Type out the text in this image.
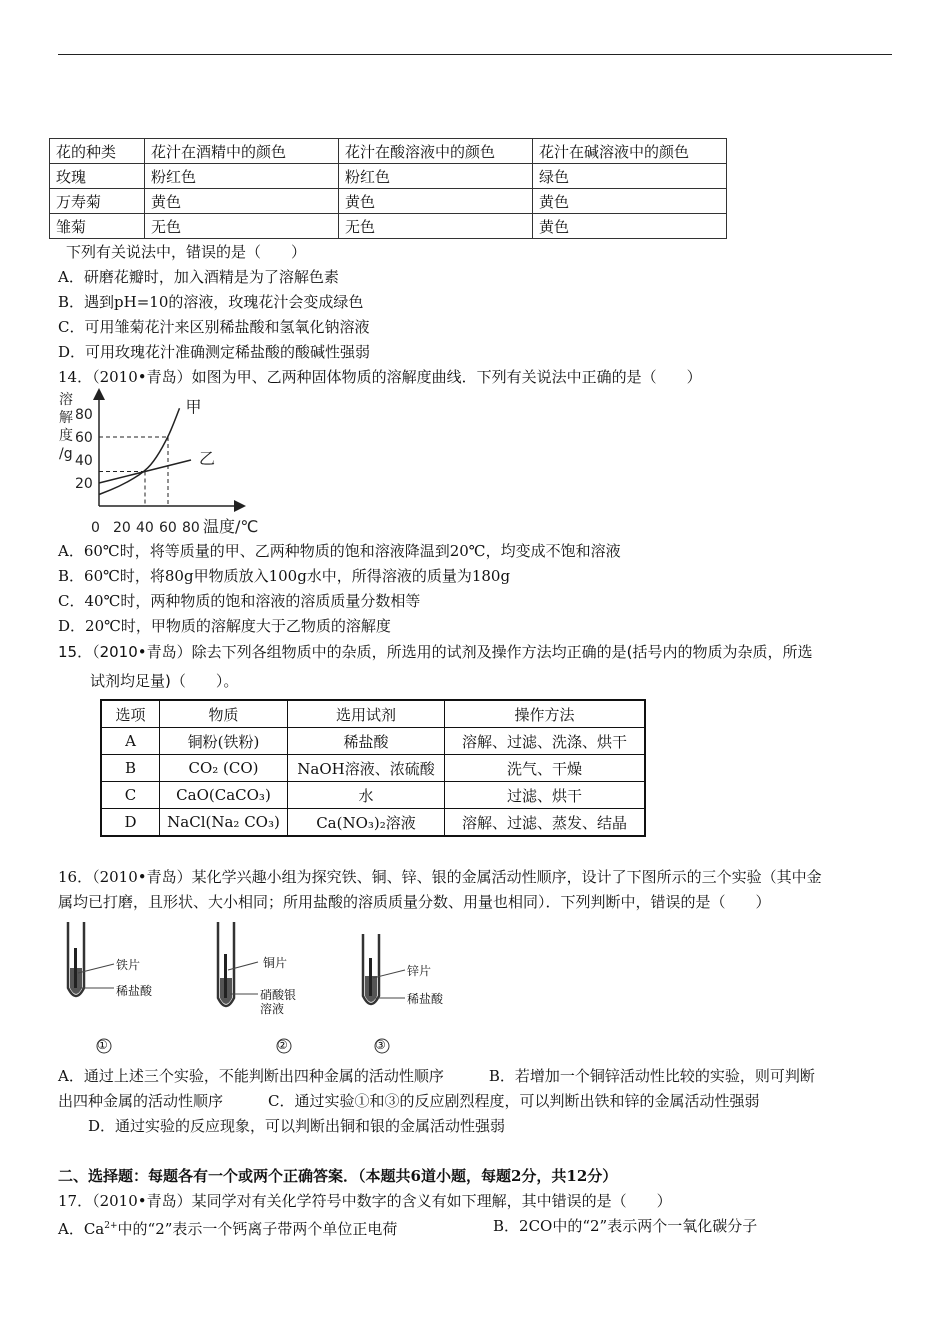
花的种类	花汁在酒精中的颜色	花汁在酸溶液中的颜色	花汁在碱溶液中的颜色
玫瑰	粉红色	粉红色	绿色
万寿菊	黄色	黄色	黄色
雏菊	无色	无色	黄色
下列有关说法中，错误的是（　　）
A．研磨花瓣时，加入酒精是为了溶解色素
B．遇到pH=10的溶液，玫瑰花汁会变成绿色
C．可用雏菊花汁来区别稀盐酸和氢氧化钠溶液
D．可用玫瑰花汁准确测定稀盐酸的酸碱性强弱
14．（2010•青岛）如图为甲、乙两种固体物质的溶解度曲线．下列有关说法中正确的是（　　）
溶
解
度
/g
20
40
60
80
0 20 40 60 80
甲
乙
温度/℃
A．60℃时，将等质量的甲、乙两种物质的饱和溶液降温到20℃，均变成不饱和溶液
B．60℃时，将80g甲物质放入100g水中，所得溶液的质量为180g
C．40℃时，两种物质的饱和溶液的溶质质量分数相等
D．20℃时，甲物质的溶解度大于乙物质的溶解度
15．（2010•青岛）除去下列各组物质中的杂质，所选用的试剂及操作方法均正确的是(括号内的物质为杂质，所选
试剂均足量)（　　）。
选项	物质	选用试剂	操作方法
A	铜粉(铁粉)	稀盐酸	溶解、过滤、洗涤、烘干
B	CO₂ (CO)	NaOH溶液、浓硫酸	洗气、干燥
C	CaO(CaCO₃)	水	过滤、烘干
D	NaCl(Na₂ CO₃)	Ca(NO₃)₂溶液	溶解、过滤、蒸发、结晶
16．（2010•青岛）某化学兴趣小组为探究铁、铜、锌、银的金属活动性顺序，设计了下图所示的三个实验（其中金
属均已打磨，且形状、大小相同；所用盐酸的溶质质量分数、用量也相同）．下列判断中，错误的是（　　）
铁片
稀盐酸
①
铜片
硝酸银溶液
②
锌片
稀盐酸
③
A．通过上述三个实验，不能判断出四种金属的活动性顺序　　　B．若增加一个铜锌活动性比较的实验，则可判断
出四种金属的活动性顺序　　　C．通过实验①和③的反应剧烈程度，可以判断出铁和锌的金属活动性强弱
　　D．通过实验的反应现象，可以判断出铜和银的金属活动性强弱
二、选择题：每题各有一个或两个正确答案．（本题共6道小题，每题2分，共12分）
17．（2010•青岛）某同学对有关化学符号中数字的含义有如下理解，其中错误的是（　　）
A．$Ca^{2+}$中的“2”表示一个钙离子带两个单位正电荷	B．2CO中的“2”表示两个一氧化碳分子
